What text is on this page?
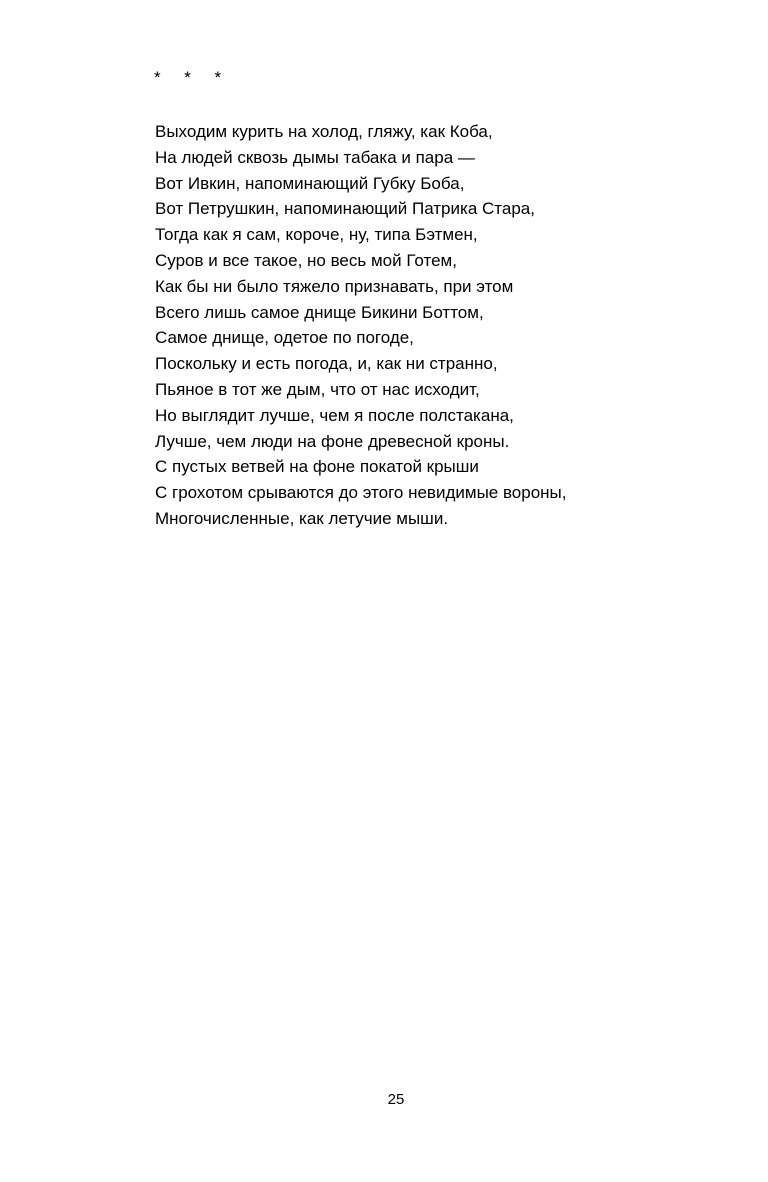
*     *     *
Выходим курить на холод, гляжу, как Коба,
На людей сквозь дымы табака и пара —
Вот Ивкин, напоминающий Губку Боба,
Вот Петрушкин, напоминающий Патрика Стара,
Тогда как я сам, короче, ну, типа Бэтмен,
Суров и все такое, но весь мой Готем,
Как бы ни было тяжело признавать, при этом
Всего лишь самое днище Бикини Боттом,
Самое днище, одетое по погоде,
Поскольку и есть погода, и, как ни странно,
Пьяное в тот же дым, что от нас исходит,
Но выглядит лучше, чем я после полстакана,
Лучше, чем люди на фоне древесной кроны.
С пустых ветвей на фоне покатой крыши
С грохотом срываются до этого невидимые вороны,
Многочисленные, как летучие мыши.
25
